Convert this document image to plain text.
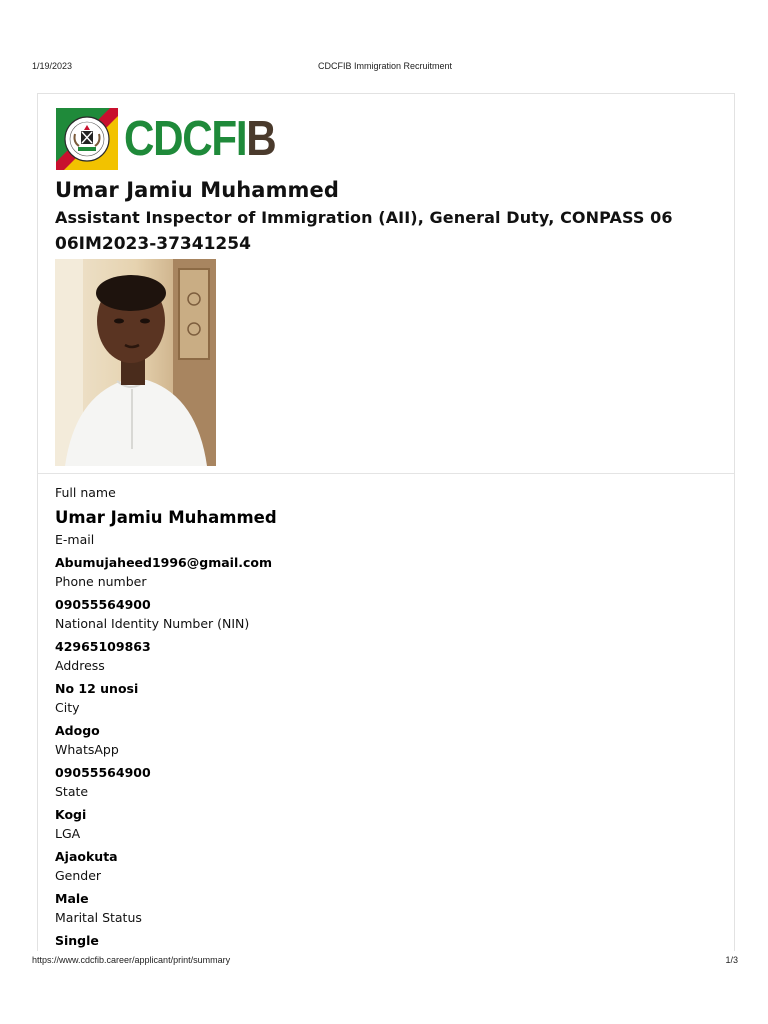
1/19/2023	CDCFIB Immigration Recruitment
CDCFIB
Umar Jamiu Muhammed
Assistant Inspector of Immigration (AII), General Duty, CONPASS 06
06IM2023-37341254
Full name
Umar Jamiu Muhammed
E-mail
Abumujaheed1996@gmail.com
Phone number
09055564900
National Identity Number (NIN)
42965109863
Address
No 12 unosi
City
Adogo
WhatsApp
09055564900
State
Kogi
LGA
Ajaokuta
Gender
Male
Marital Status
Single
https://www.cdcfib.career/applicant/print/summary	1/3
